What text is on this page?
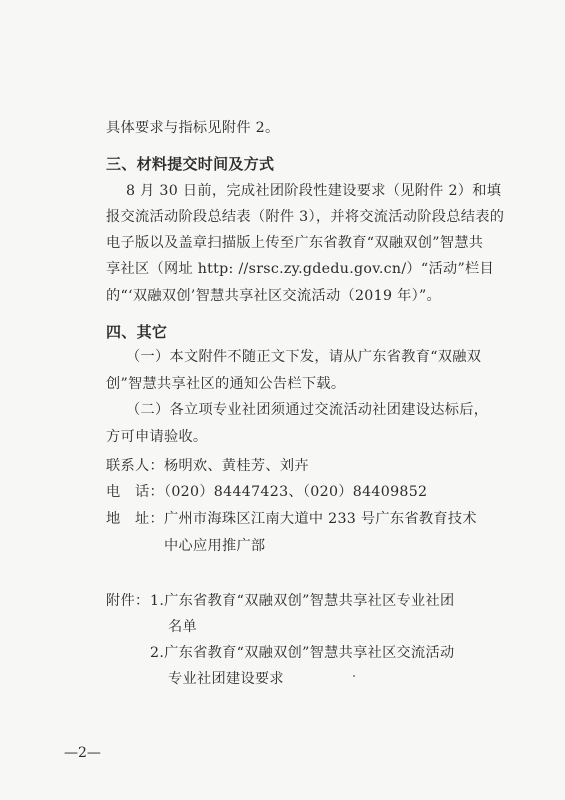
具体要求与指标见附件 2。
三、材料提交时间及方式
8 月 30 日前，完成社团阶段性建设要求（见附件 2）和填
报交流活动阶段总结表（附件 3），并将交流活动阶段总结表的
电子版以及盖章扫描版上传至广东省教育“双融双创”智慧共
享社区（网址 http: //srsc.zy.gdedu.gov.cn/）“活动”栏目
的“‘双融双创’智慧共享社区交流活动（2019 年）”。
四、其它
（一）本文附件不随正文下发，请从广东省教育“双融双
创”智慧共享社区的通知公告栏下载。
（二）各立项专业社团须通过交流活动社团建设达标后，
方可申请验收。
联系人：杨明欢、黄桂芳、刘卉
电　话：（020）84447423、（020）84409852
地　址：广州市海珠区江南大道中 233 号广东省教育技术
中心应用推广部
附件： 1.广东省教育“双融双创”智慧共享社区专业社团
名单
2.广东省教育“双融双创”智慧共享社区交流活动
专业社团建设要求
—2—
